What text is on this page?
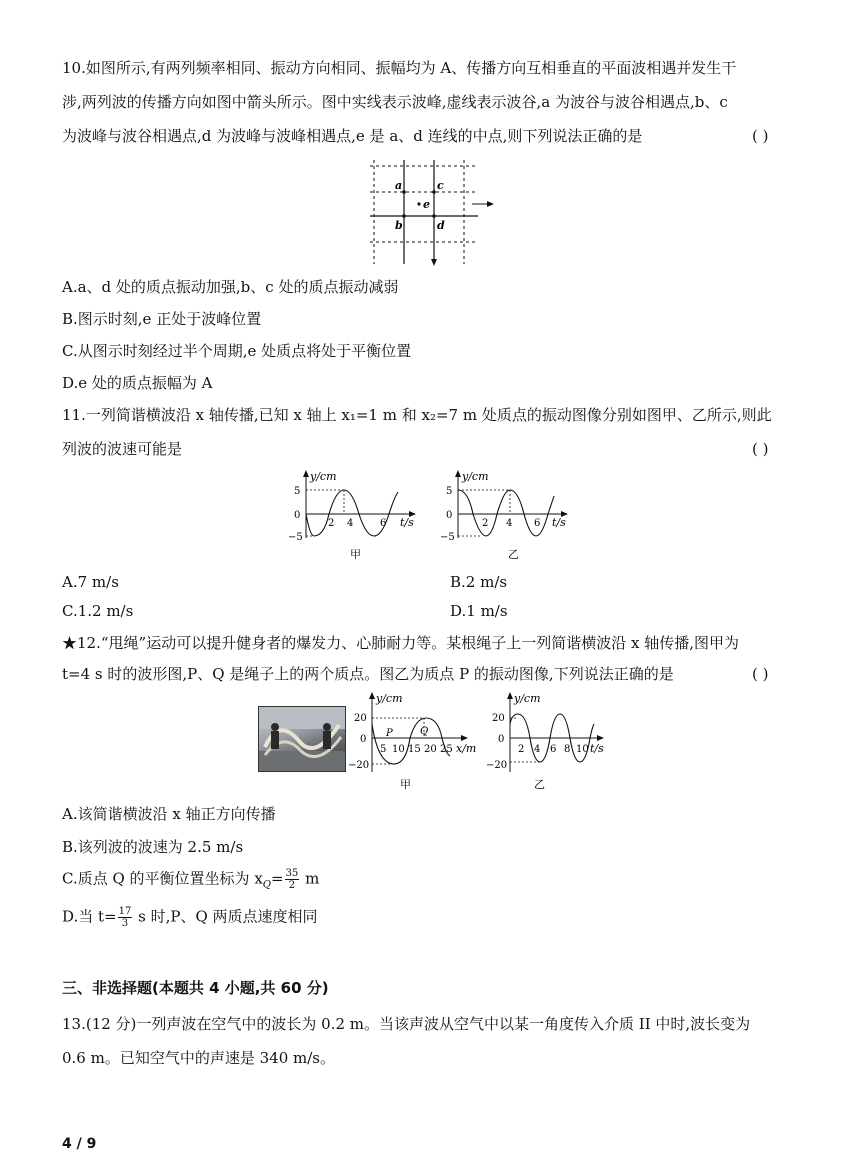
10.如图所示,有两列频率相同、振动方向相同、振幅均为 A、传播方向互相垂直的平面波相遇并发生干
涉,两列波的传播方向如图中箭头所示。图中实线表示波峰,虚线表示波谷,a 为波谷与波谷相遇点,b、c
为波峰与波谷相遇点,d 为波峰与波峰相遇点,e 是 a、d 连线的中点,则下列说法正确的是	( )
a	c
e
b	d
A.a、d 处的质点振动加强,b、c 处的质点振动减弱
B.图示时刻,e 正处于波峰位置
C.从图示时刻经过半个周期,e 处质点将处于平衡位置
D.e 处的质点振幅为 A
11.一列简谐横波沿 x 轴传播,已知 x 轴上 x₁=1 m 和 x₂=7 m 处质点的振动图像分别如图甲、乙所示,则此
列波的波速可能是	( )
y/cm
5
0
−5
2 4	6 t/s
甲
y/cm
5
0
−5
2 4 6 t/s
乙
A.7 m/s	B.2 m/s
C.1.2 m/s	D.1 m/s
★12.“甩绳”运动可以提升健身者的爆发力、心肺耐力等。某根绳子上一列简谐横波沿 x 轴传播,图甲为
t=4 s 时的波形图,P、Q 是绳子上的两个质点。图乙为质点 P 的振动图像,下列说法正确的是	( )
y/cm
20
0
−20
P	Q
5 10 15 20 25 x/m
甲
y/cm
20
0
−20
2 4 6 8 10 t/s
乙
A.该简谐横波沿 x 轴正方向传播
B.该列波的波速为 2.5 m/s
C.质点 Q 的平衡位置坐标为 $x_Q= \frac{35}{2}$ m
D.当 $t= \frac{17}{3}$ s 时,P、Q 两质点速度相同
三、非选择题(本题共 4 小题,共 60 分)
13.(12 分)一列声波在空气中的波长为 0.2 m。当该声波从空气中以某一角度传入介质 II 中时,波长变为
0.6 m。已知空气中的声速是 340 m/s。
4 / 9
